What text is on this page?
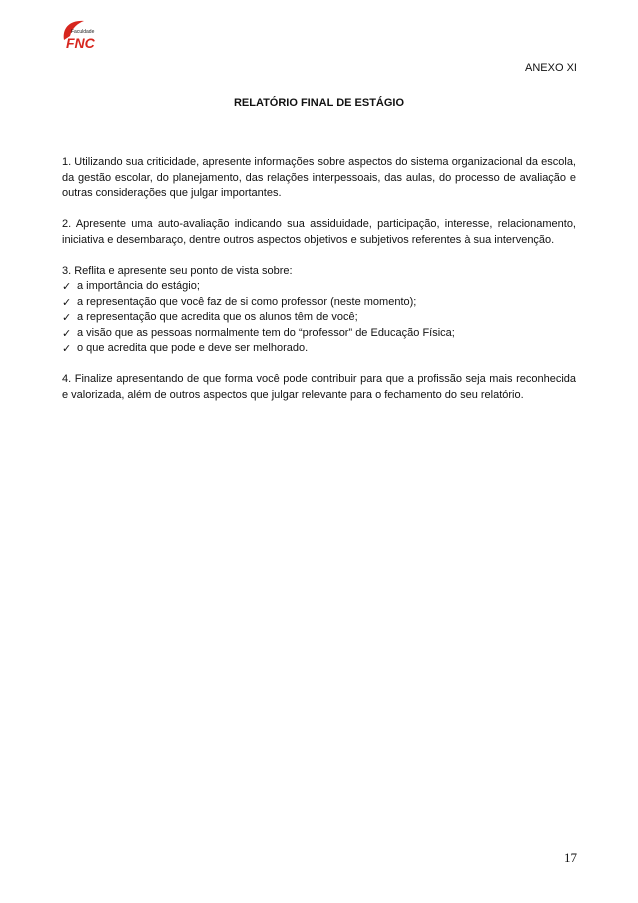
Faculdade
FNC
ANEXO XI
RELATÓRIO FINAL DE ESTÁGIO

1. Utilizando sua criticidade, apresente informações sobre aspectos do sistema organizacional da escola, da gestão escolar, do planejamento, das relações interpessoais, das aulas, do processo de avaliação e outras considerações que julgar importantes.

2. Apresente uma auto-avaliação indicando sua assiduidade, participação, interesse, relacionamento, iniciativa e desembaraço, dentre outros aspectos objetivos e subjetivos referentes à sua intervenção.

3. Reflita e apresente seu ponto de vista sobre:
✓ a importância do estágio;
✓ a representação que você faz de si como professor (neste momento);
✓ a representação que acredita que os alunos têm de você;
✓ a visão que as pessoas normalmente tem do “professor” de Educação Física;
✓ o que acredita que pode e deve ser melhorado.

4. Finalize apresentando de que forma você pode contribuir para que a profissão seja mais reconhecida e valorizada, além de outros aspectos que julgar relevante para o fechamento do seu relatório.

17
